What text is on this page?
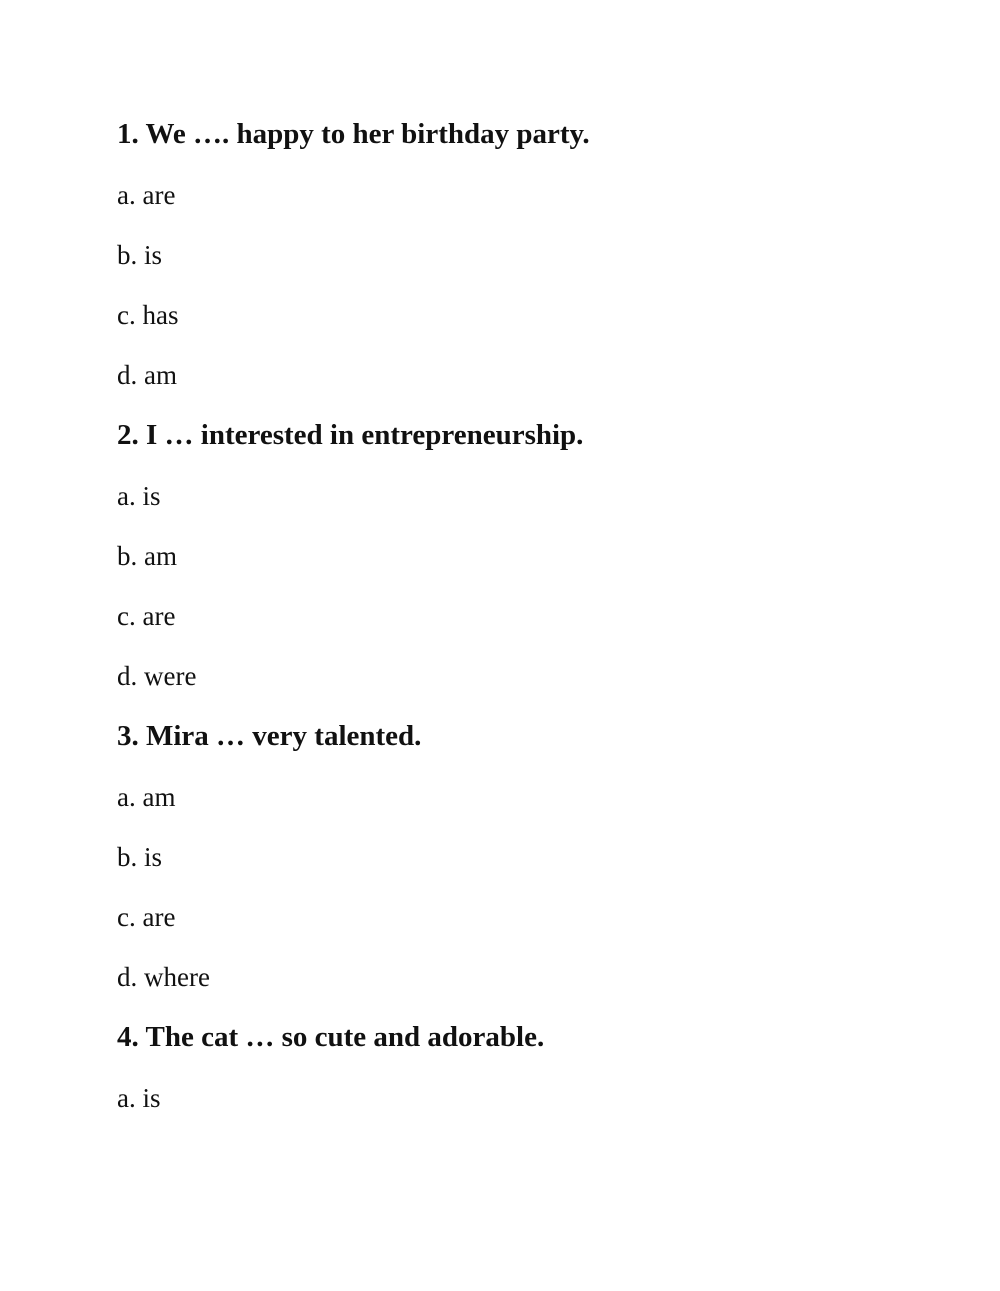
1. We …. happy to her birthday party.
a. are
b. is
c. has
d. am
2. I … interested in entrepreneurship.
a. is
b. am
c. are
d. were
3. Mira … very talented.
a. am
b. is
c. are
d. where
4. The cat … so cute and adorable.
a. is
